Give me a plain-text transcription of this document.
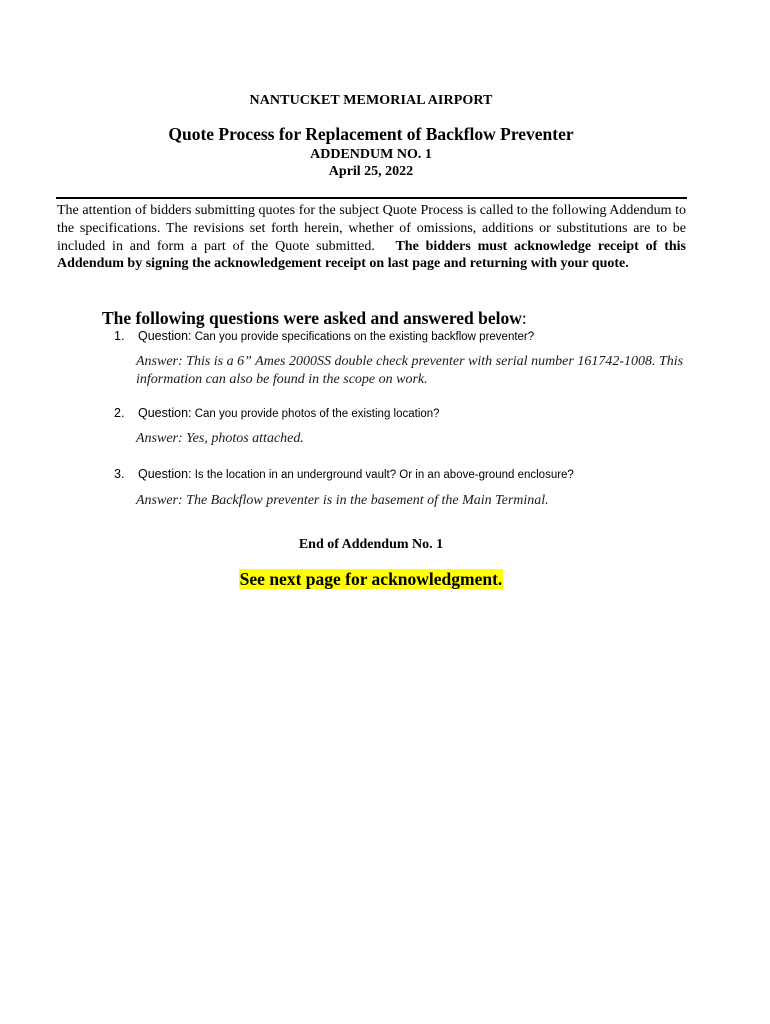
NANTUCKET MEMORIAL AIRPORT
Quote Process for Replacement of Backflow Preventer
ADDENDUM NO. 1
April 25, 2022
The attention of bidders submitting quotes for the subject Quote Process is called to the following Addendum to the specifications. The revisions set forth herein, whether of omissions, additions or substitutions are to be included in and form a part of the Quote submitted. The bidders must acknowledge receipt of this Addendum by signing the acknowledgement receipt on last page and returning with your quote.
The following questions were asked and answered below:
1. Question: Can you provide specifications on the existing backflow preventer?
Answer: This is a 6” Ames 2000SS double check preventer with serial number 161742-1008. This information can also be found in the scope on work.
2. Question: Can you provide photos of the existing location?
Answer: Yes, photos attached.
3. Question: Is the location in an underground vault? Or in an above-ground enclosure?
Answer: The Backflow preventer is in the basement of the Main Terminal.
End of Addendum No. 1
See next page for acknowledgment.
